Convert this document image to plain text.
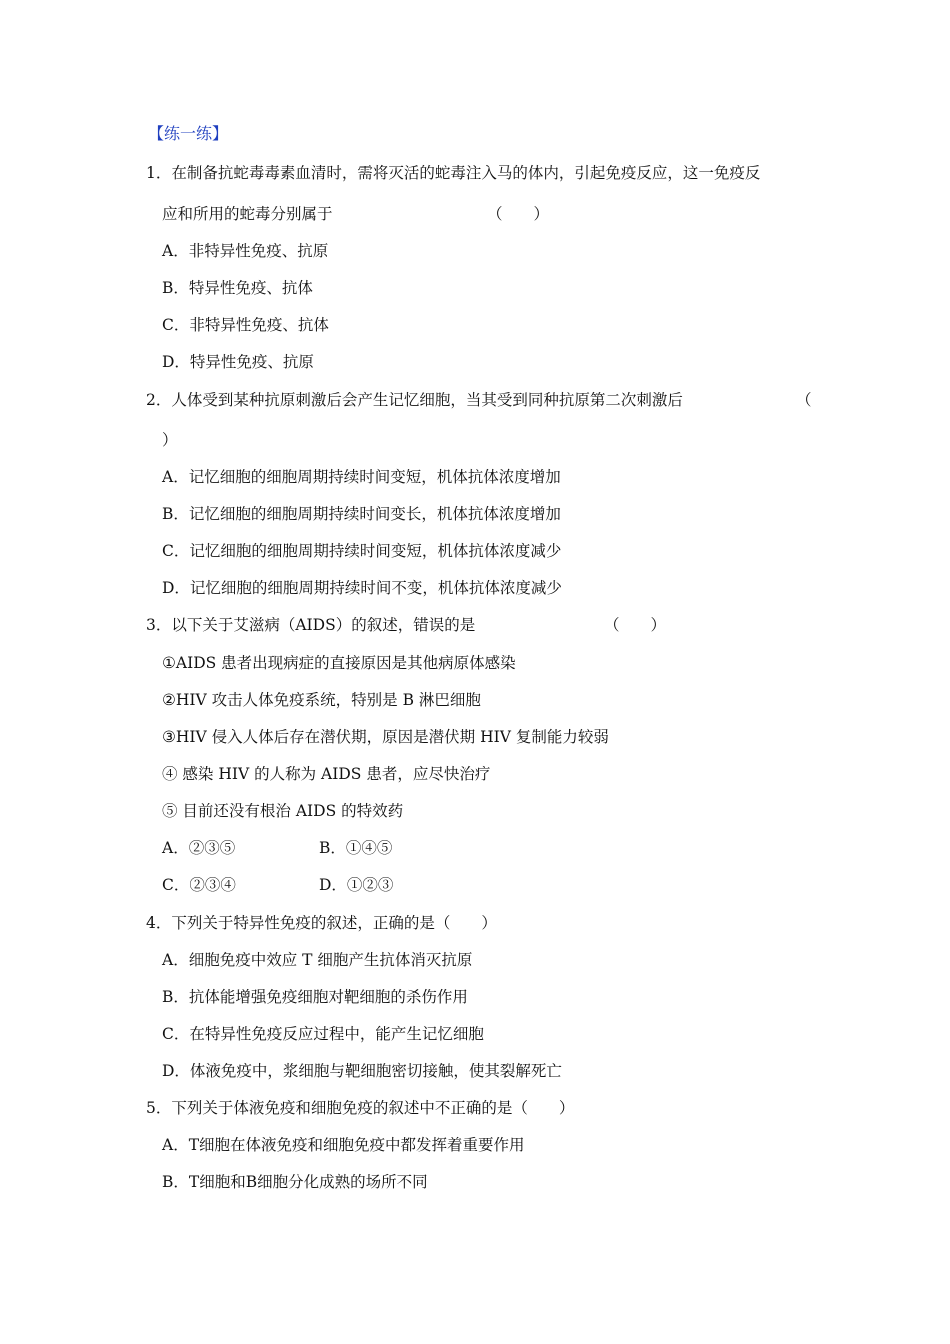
【练一练】
1．在制备抗蛇毒毒素血清时，需将灭活的蛇毒注入马的体内，引起免疫反应，这一免疫反
应和所用的蛇毒分别属于	（　　）
A．非特异性免疫、抗原
B．特异性免疫、抗体
C．非特异性免疫、抗体
D．特异性免疫、抗原
2．人体受到某种抗原刺激后会产生记忆细胞，当其受到同种抗原第二次刺激后	（
）
A．记忆细胞的细胞周期持续时间变短，机体抗体浓度增加
B．记忆细胞的细胞周期持续时间变长，机体抗体浓度增加
C．记忆细胞的细胞周期持续时间变短，机体抗体浓度减少
D．记忆细胞的细胞周期持续时间不变，机体抗体浓度减少
3．以下关于艾滋病（AIDS）的叙述，错误的是	（　　）
①AIDS 患者出现病症的直接原因是其他病原体感染
②HIV 攻击人体免疫系统，特别是 B 淋巴细胞
③HIV 侵入人体后存在潜伏期，原因是潜伏期 HIV 复制能力较弱
④ 感染 HIV 的人称为 AIDS 患者，应尽快治疗
⑤ 目前还没有根治 AIDS 的特效药
A．②③⑤	B．①④⑤
C．②③④	D．①②③
4．下列关于特异性免疫的叙述，正确的是（　　）
A．细胞免疫中效应 T 细胞产生抗体消灭抗原
B．抗体能增强免疫细胞对靶细胞的杀伤作用
C．在特异性免疫反应过程中，能产生记忆细胞
D．体液免疫中，浆细胞与靶细胞密切接触，使其裂解死亡
5．下列关于体液免疫和细胞免疫的叙述中不正确的是（　　）
A．T细胞在体液免疫和细胞免疫中都发挥着重要作用
B．T细胞和B细胞分化成熟的场所不同
